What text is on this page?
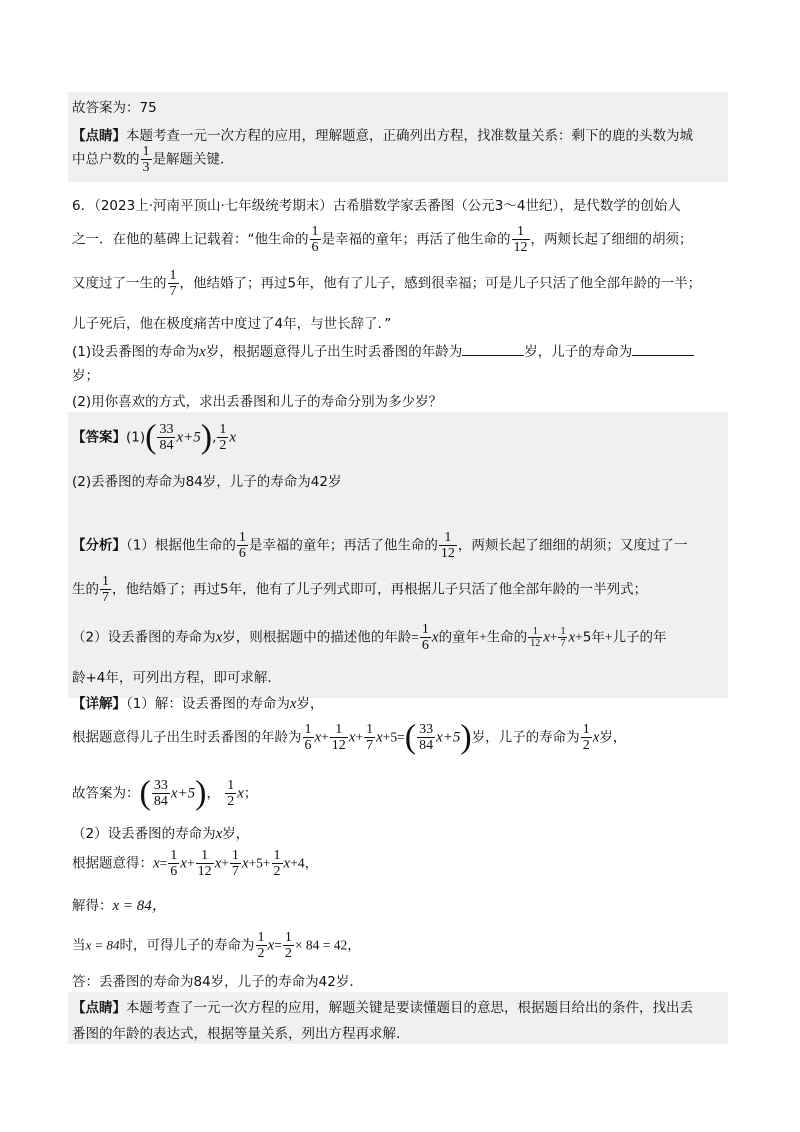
故答案为：75
【点睛】本题考查一元一次方程的应用，理解题意，正确列出方程，找准数量关系：剩下的鹿的头数为城
中总户数的 $\frac{1}{3}$ 是解题关键．
6．（2023上·河南平顶山·七年级统考期末）古希腊数学家丢番图（公元3～4世纪），是代数学的创始人
之一．在他的墓碑上记载着：“他生命的 $\frac{1}{6}$ 是幸福的童年；再活了他生命的 $\frac{1}{12}$ ，两颊长起了细细的胡须；
又度过了一生的 $\frac{1}{7}$ ，他结婚了；再过5年，他有了儿子，感到很幸福；可是儿子只活了他全部年龄的一半；
儿子死后，他在极度痛苦中度过了4年，与世长辞了．”
(1)设丢番图的寿命为x岁，根据题意得儿子出生时丢番图的年龄为	岁，儿子的寿命为
岁；
(2)用你喜欢的方式，求出丢番图和儿子的寿命分别为多少岁？
【答案】$(1)( \frac{33}{84} x+5)$, $\frac{1}{2}$ x
(2)丢番图的寿命为84岁，儿子的寿命为42岁
【分析】（1）根据他生命的 $\frac{1}{6}$ 是幸福的童年；再活了他生命的 $\frac{1}{12}$ ，两颊长起了细细的胡须；又度过了一
生的 $\frac{1}{7}$ ，他结婚了；再过5年，他有了儿子列式即可，再根据儿子只活了他全部年龄的一半列式；
（2）设丢番图的寿命为x岁，则根据题中的描述他的年龄= $\frac{1}{6}$ x的童年+生命的 $\frac{1}{12} x+ \frac{1}{7} x+5$年+儿子的年
龄+4年，可列出方程，即可求解．
【详解】（1）解：设丢番图的寿命为x岁，
根据题意得儿子出生时丢番图的年龄为 $\frac{1}{6} x+ \frac{1}{12} x+ \frac{1}{7} x+5=( \frac{33}{84} x+5)$岁，儿子的寿命为 $\frac{1}{2}$ x岁，
故答案为：( $\frac{33}{84} x+5$)， $\frac{1}{2}$ x；
（2）设丢番图的寿命为x岁，
根据题意得：$x= \frac{1}{6} x+ \frac{1}{12} x+ \frac{1}{7} x+5+ \frac{1}{2} x+4$，
解得：x = 84，
当x = 84时，可得儿子的寿命为 $\frac{1}{2} x= \frac{1}{2} \times 84 = 42$，
答：丢番图的寿命为84岁，儿子的寿命为42岁．
【点睛】本题考查了一元一次方程的应用，解题关键是要读懂题目的意思，根据题目给出的条件，找出丢
番图的年龄的表达式，根据等量关系，列出方程再求解．
